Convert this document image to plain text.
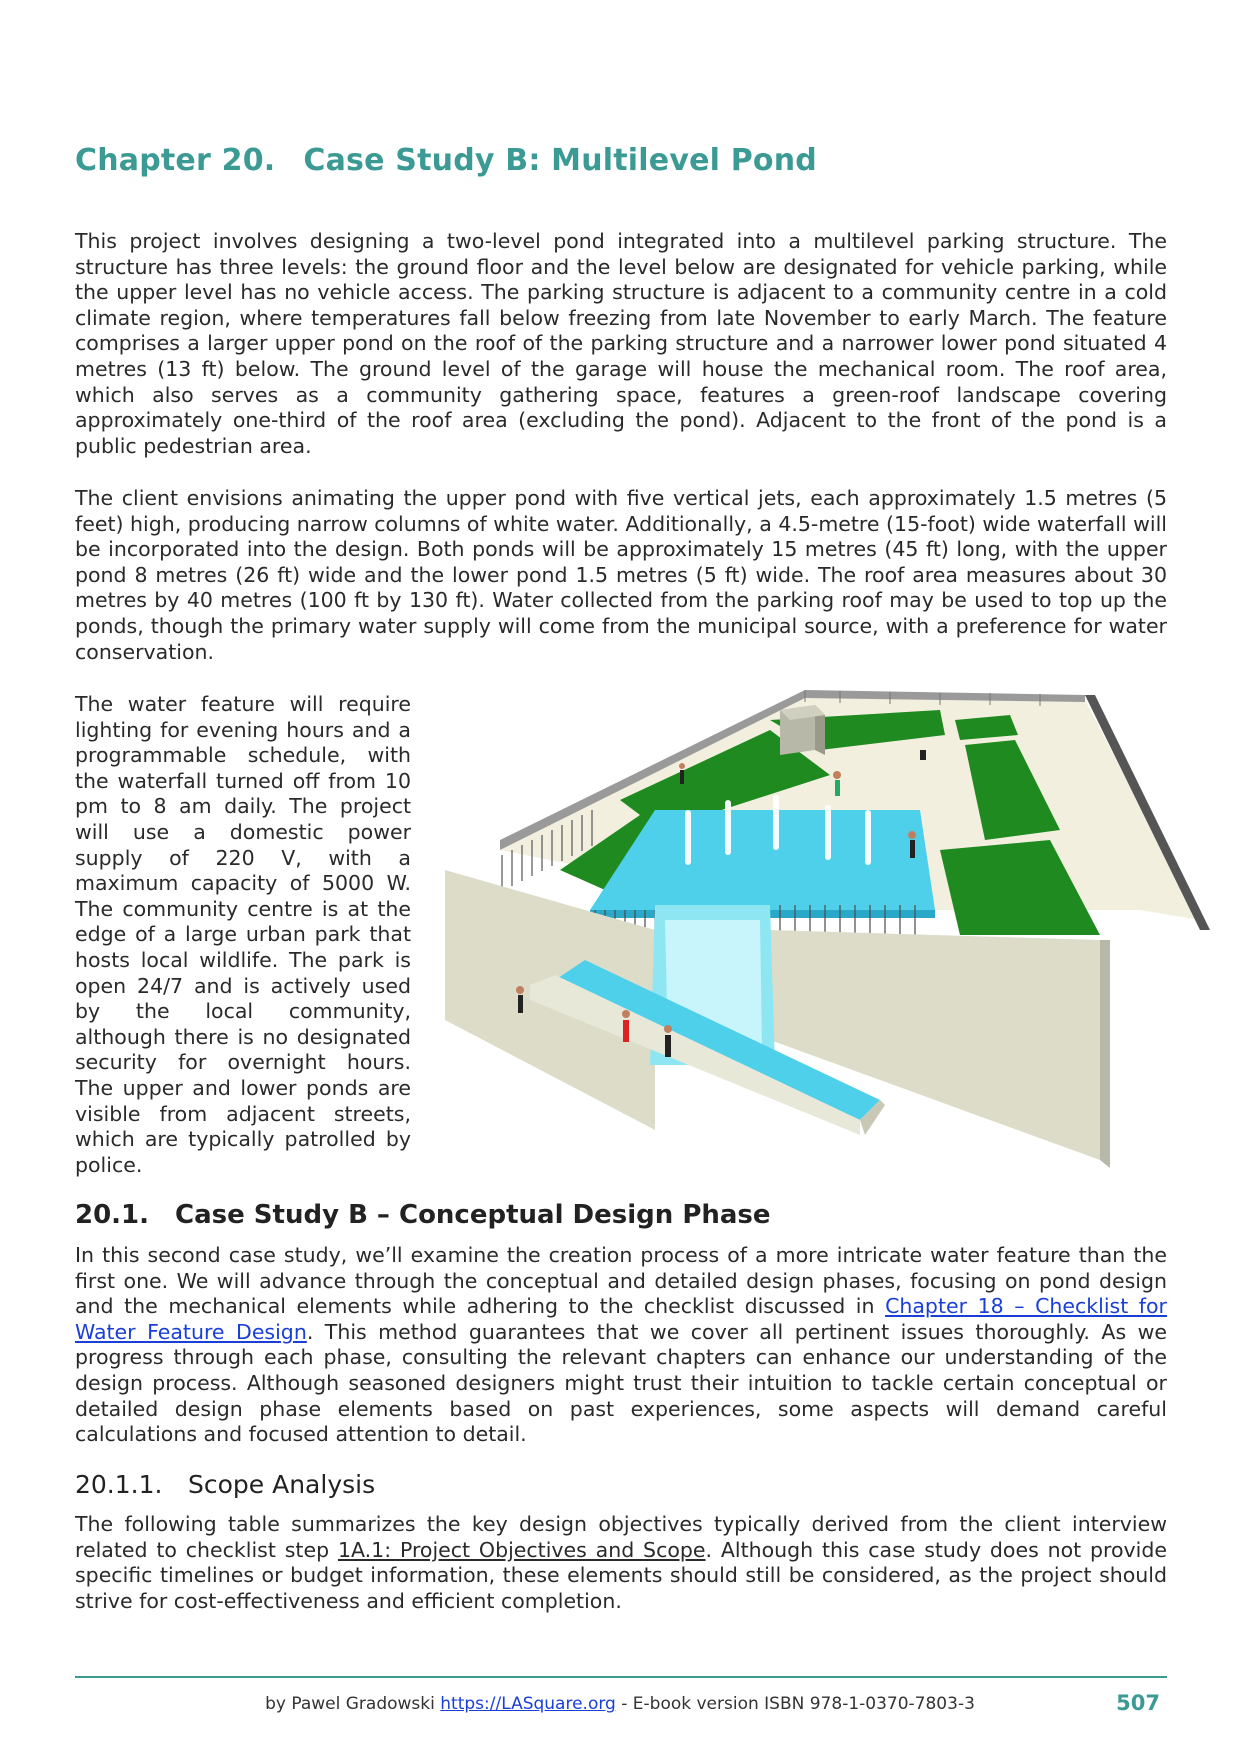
Chapter 20. Case Study B: Multilevel Pond

This project involves designing a two-level pond integrated into a multilevel parking structure. The structure has three levels: the ground floor and the level below are designated for vehicle parking, while the upper level has no vehicle access. The parking structure is adjacent to a community centre in a cold climate region, where temperatures fall below freezing from late November to early March. The feature comprises a larger upper pond on the roof of the parking structure and a narrower lower pond situated 4 metres (13 ft) below. The ground level of the garage will house the mechanical room. The roof area, which also serves as a community gathering space, features a green-roof landscape covering approximately one-third of the roof area (excluding the pond). Adjacent to the front of the pond is a public pedestrian area.

The client envisions animating the upper pond with five vertical jets, each approximately 1.5 metres (5 feet) high, producing narrow columns of white water. Additionally, a 4.5-metre (15-foot) wide waterfall will be incorporated into the design. Both ponds will be approximately 15 metres (45 ft) long, with the upper pond 8 metres (26 ft) wide and the lower pond 1.5 metres (5 ft) wide. The roof area measures about 30 metres by 40 metres (100 ft by 130 ft). Water collected from the parking roof may be used to top up the ponds, though the primary water supply will come from the municipal source, with a preference for water conservation.

The water feature will require lighting for evening hours and a programmable schedule, with the waterfall turned off from 10 pm to 8 am daily. The project will use a domestic power supply of 220 V, with a maximum capacity of 5000 W. The community centre is at the edge of a large urban park that hosts local wildlife. The park is open 24/7 and is actively used by the local community, although there is no designated security for overnight hours. The upper and lower ponds are visible from adjacent streets, which are typically patrolled by police.

20.1. Case Study B – Conceptual Design Phase

In this second case study, we’ll examine the creation process of a more intricate water feature than the first one. We will advance through the conceptual and detailed design phases, focusing on pond design and the mechanical elements while adhering to the checklist discussed in Chapter 18 – Checklist for Water Feature Design. This method guarantees that we cover all pertinent issues thoroughly. As we progress through each phase, consulting the relevant chapters can enhance our understanding of the design process. Although seasoned designers might trust their intuition to tackle certain conceptual or detailed design phase elements based on past experiences, some aspects will demand careful calculations and focused attention to detail.

20.1.1. Scope Analysis

The following table summarizes the key design objectives typically derived from the client interview related to checklist step 1A.1: Project Objectives and Scope. Although this case study does not provide specific timelines or budget information, these elements should still be considered, as the project should strive for cost-effectiveness and efficient completion.

by Pawel Gradowski https://LASquare.org - E-book version ISBN 978-1-0370-7803-3	507
